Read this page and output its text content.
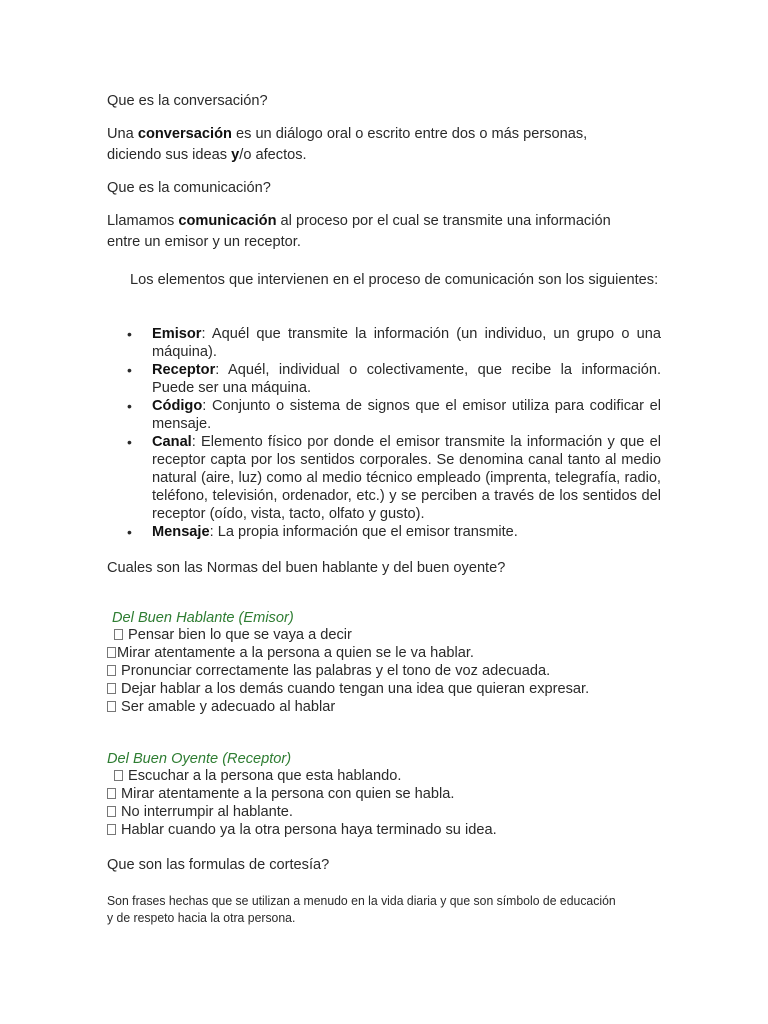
Que es la conversación?
Una conversación es un diálogo oral o escrito entre dos o más personas,
diciendo sus ideas y/o afectos.
Que es la comunicación?
Llamamos comunicación al proceso por el cual se transmite una información
entre un emisor y un receptor.
Los elementos que intervienen en el proceso de comunicación son los siguientes:
• Emisor: Aquél que transmite la información (un individuo, un grupo o una máquina).
• Receptor: Aquél, individual o colectivamente, que recibe la información. Puede ser una máquina.
• Código: Conjunto o sistema de signos que el emisor utiliza para codificar el mensaje.
• Canal: Elemento físico por donde el emisor transmite la información y que el receptor capta por los sentidos corporales. Se denomina canal tanto al medio natural (aire, luz) como al medio técnico empleado (imprenta, telegrafía, radio, teléfono, televisión, ordenador, etc.) y se perciben a través de los sentidos del receptor (oído, vista, tacto, olfato y gusto).
• Mensaje: La propia información que el emisor transmite.
Cuales son las Normas del buen hablante y del buen oyente?
Del Buen Hablante (Emisor)
Pensar bien lo que se vaya a decir
Mirar atentamente a la persona a quien se le va hablar.
Pronunciar correctamente las palabras y el tono de voz adecuada.
Dejar hablar a los demás cuando tengan una idea que quieran expresar.
Ser amable y adecuado al hablar
Del Buen Oyente (Receptor)
Escuchar a la persona que esta hablando.
Mirar atentamente a la persona con quien se habla.
No interrumpir al hablante.
Hablar cuando ya la otra persona haya terminado su idea.
Que son las formulas de cortesía?
Son frases hechas que se utilizan a menudo en la vida diaria y que son símbolo de educación y de respeto hacia la otra persona.
